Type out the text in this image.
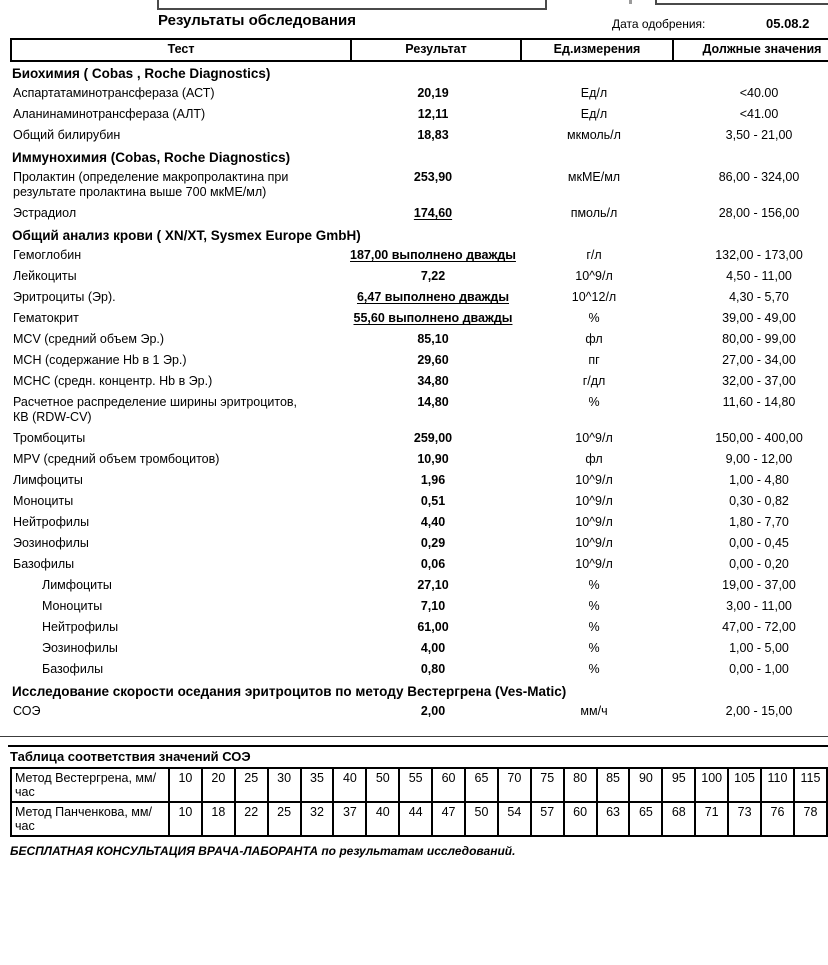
Результаты обследования	Дата одобрения:	05.08.2
Тест	Результат	Ед.измерения	Должные значения
Биохимия ( Cobas , Roche Diagnostics)
Аспартатаминотрансфераза (АСТ)	20,19	Ед/л	<40.00
Аланинаминотрансфераза (АЛТ)	12,11	Ед/л	<41.00
Общий билирубин	18,83	мкмоль/л	3,50 - 21,00
Иммунохимия (Cobas, Roche Diagnostics)
Пролактин (определение макропролактина при результате пролактина выше 700 мкМЕ/мл)
253,90	мкМЕ/мл	86,00 - 324,00
Эстрадиол	174,60	пмоль/л	28,00 - 156,00
Общий анализ крови ( XN/XT, Sysmex Europe GmbH)
Гемоглобин	187,00 выполнено дважды	г/л	132,00 - 173,00
Лейкоциты	7,22	10^9/л	4,50 - 11,00
Эритроциты (Эр).	6,47 выполнено дважды	10^12/л	4,30 - 5,70
Гематокрит	55,60 выполнено дважды	%	39,00 - 49,00
MCV (средний объем Эр.)	85,10	фл	80,00 - 99,00
MCH (содержание Hb в 1 Эр.)	29,60	пг	27,00 - 34,00
MCHC (средн. концентр. Hb в Эр.)	34,80	г/дл	32,00 - 37,00
Расчетное распределение ширины эритроцитов, КВ (RDW-CV)
14,80	%	11,60 - 14,80
Тромбоциты	259,00	10^9/л	150,00 - 400,00
MPV (средний объем тромбоцитов)	10,90	фл	9,00 - 12,00
Лимфоциты	1,96	10^9/л	1,00 - 4,80
Моноциты	0,51	10^9/л	0,30 - 0,82
Нейтрофилы	4,40	10^9/л	1,80 - 7,70
Эозинофилы	0,29	10^9/л	0,00 - 0,45
Базофилы	0,06	10^9/л	0,00 - 0,20
Лимфоциты	27,10	%	19,00 - 37,00
Моноциты	7,10	%	3,00 - 11,00
Нейтрофилы	61,00	%	47,00 - 72,00
Эозинофилы	4,00	%	1,00 - 5,00
Базофилы	0,80	%	0,00 - 1,00
Исследование скорости оседания эритроцитов по методу Вестергрена (Ves-Matic)
СОЭ	2,00	мм/ч	2,00 - 15,00
Таблица соответствия значений СОЭ
Метод Вестергрена, мм/час	10	20	25	30	35	40	50	55	60	65	70	75	80	85	90	95	100	105	110	115
Метод Панченкова, мм/час	10	18	22	25	32	37	40	44	47	50	54	57	60	63	65	68	71	73	76	78
БЕСПЛАТНАЯ КОНСУЛЬТАЦИЯ ВРАЧА-ЛАБОРАНТА по результатам исследований.
